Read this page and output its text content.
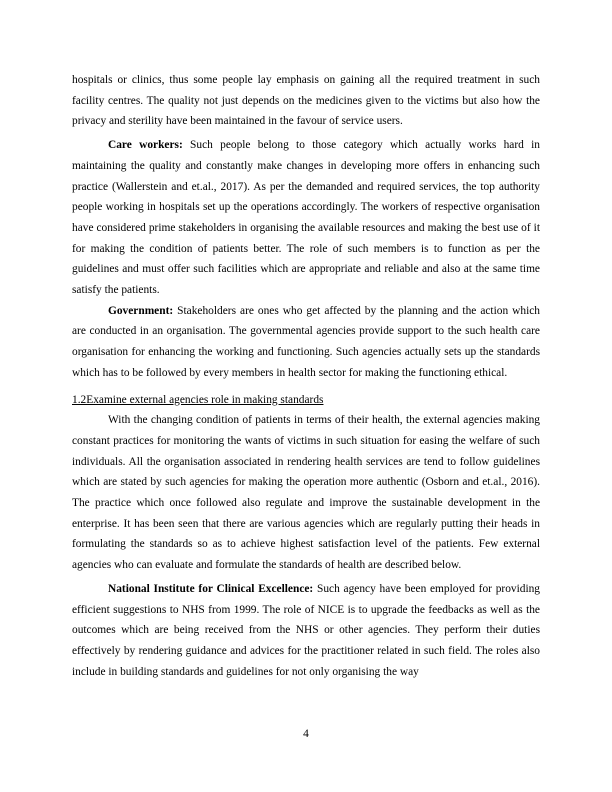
hospitals or clinics, thus some people lay emphasis on gaining all the required treatment in such facility centres. The quality not just depends on the medicines given to the victims but also how the privacy and sterility have been maintained in the favour of service users.

Care workers: Such people belong to those category which actually works hard in maintaining the quality and constantly make changes in developing more offers in enhancing such practice (Wallerstein and et.al., 2017). As per the demanded and required services, the top authority people working in hospitals set up the operations accordingly. The workers of respective organisation have considered prime stakeholders in organising the available resources and making the best use of it for making the condition of patients better. The role of such members is to function as per the guidelines and must offer such facilities which are appropriate and reliable and also at the same time satisfy the patients.

Government: Stakeholders are ones who get affected by the planning and the action which are conducted in an organisation. The governmental agencies provide support to the such health care organisation for enhancing the working and functioning. Such agencies actually sets up the standards which has to be followed by every members in health sector for making the functioning ethical.

1.2Examine external agencies role in making standards

With the changing condition of patients in terms of their health, the external agencies making constant practices for monitoring the wants of victims in such situation for easing the welfare of such individuals. All the organisation associated in rendering health services are tend to follow guidelines which are stated by such agencies for making the operation more authentic (Osborn and et.al., 2016). The practice which once followed also regulate and improve the sustainable development in the enterprise. It has been seen that there are various agencies which are regularly putting their heads in formulating the standards so as to achieve highest satisfaction level of the patients. Few external agencies who can evaluate and formulate the standards of health are described below.

National Institute for Clinical Excellence: Such agency have been employed for providing efficient suggestions to NHS from 1999. The role of NICE is to upgrade the feedbacks as well as the outcomes which are being received from the NHS or other agencies. They perform their duties effectively by rendering guidance and advices for the practitioner related in such field. The roles also include in building standards and guidelines for not only organising the way

4
